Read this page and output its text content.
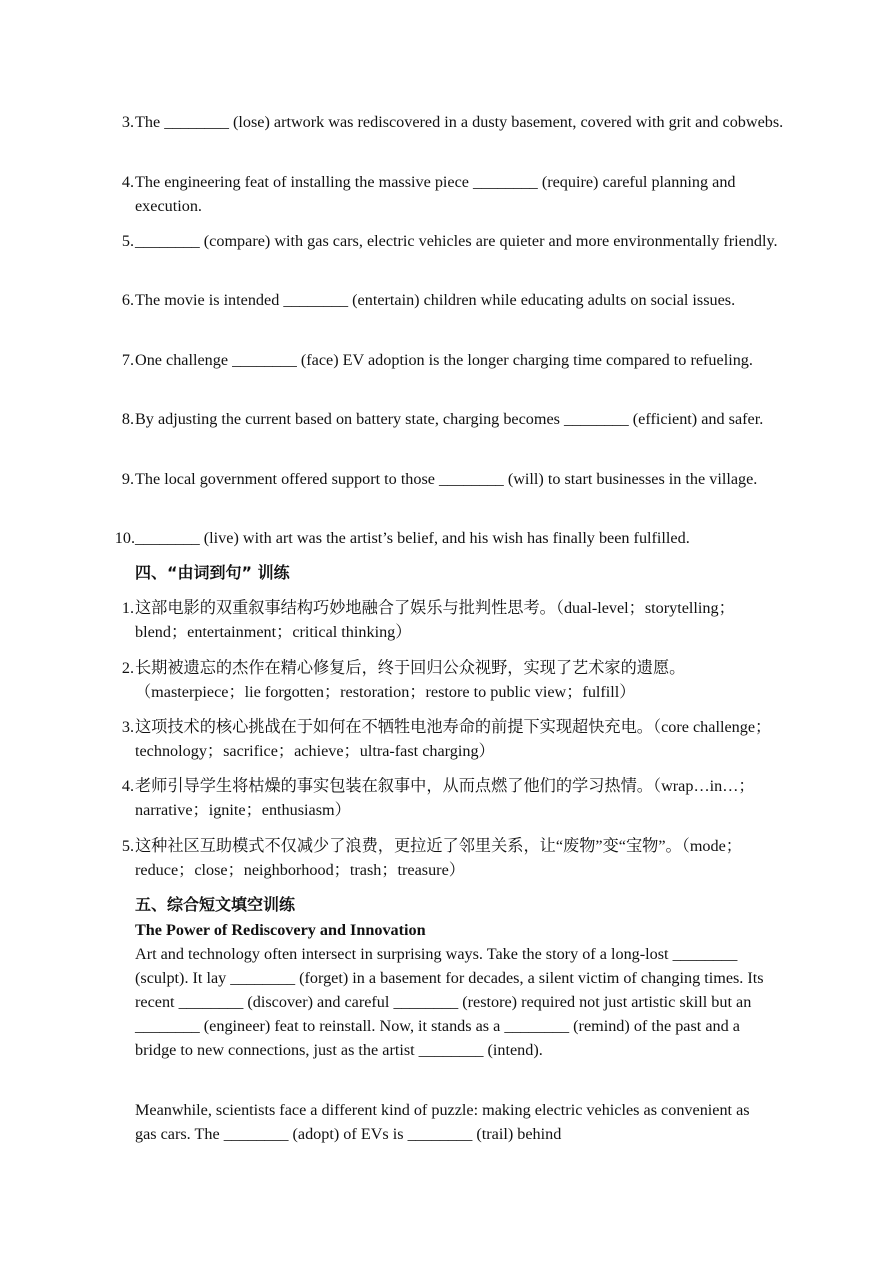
3. The ________ (lose) artwork was rediscovered in a dusty basement, covered with grit and cobwebs.
4. The engineering feat of installing the massive piece ________ (require) careful planning and execution.
5. ________ (compare) with gas cars, electric vehicles are quieter and more environmentally friendly.
6. The movie is intended ________ (entertain) children while educating adults on social issues.
7. One challenge ________ (face) EV adoption is the longer charging time compared to refueling.
8. By adjusting the current based on battery state, charging becomes ________ (efficient) and safer.
9. The local government offered support to those ________ (will) to start businesses in the village.
10. ________ (live) with art was the artist’s belief, and his wish has finally been fulfilled.
四、“由词到句” 训练
1. 这部电影的双重叙事结构巧妙地融合了娱乐与批判性思考。（dual-level；storytelling；blend；entertainment；critical thinking）
2. 长期被遗忘的杰作在精心修复后，终于回归公众视野，实现了艺术家的遗愿。（masterpiece；lie forgotten；restoration；restore to public view；fulfill）
3. 这项技术的核心挑战在于如何在不牺牲电池寿命的前提下实现超快充电。（core challenge；technology；sacrifice；achieve；ultra-fast charging）
4. 老师引导学生将枯燥的事实包装在叙事中，从而点燃了他们的学习热情。（wrap…in…；narrative；ignite；enthusiasm）
5. 这种社区互助模式不仅减少了浪费，更拉近了邻里关系，让“废物”变“宝物”。（mode；reduce；close；neighborhood；trash；treasure）
五、综合短文填空训练
The Power of Rediscovery and Innovation
Art and technology often intersect in surprising ways. Take the story of a long-lost ________ (sculpt). It lay ________ (forget) in a basement for decades, a silent victim of changing times. Its recent ________ (discover) and careful ________ (restore) required not just artistic skill but an ________ (engineer) feat to reinstall. Now, it stands as a ________ (remind) of the past and a bridge to new connections, just as the artist ________ (intend).
Meanwhile, scientists face a different kind of puzzle: making electric vehicles as convenient as gas cars. The ________ (adopt) of EVs is ________ (trail) behind
